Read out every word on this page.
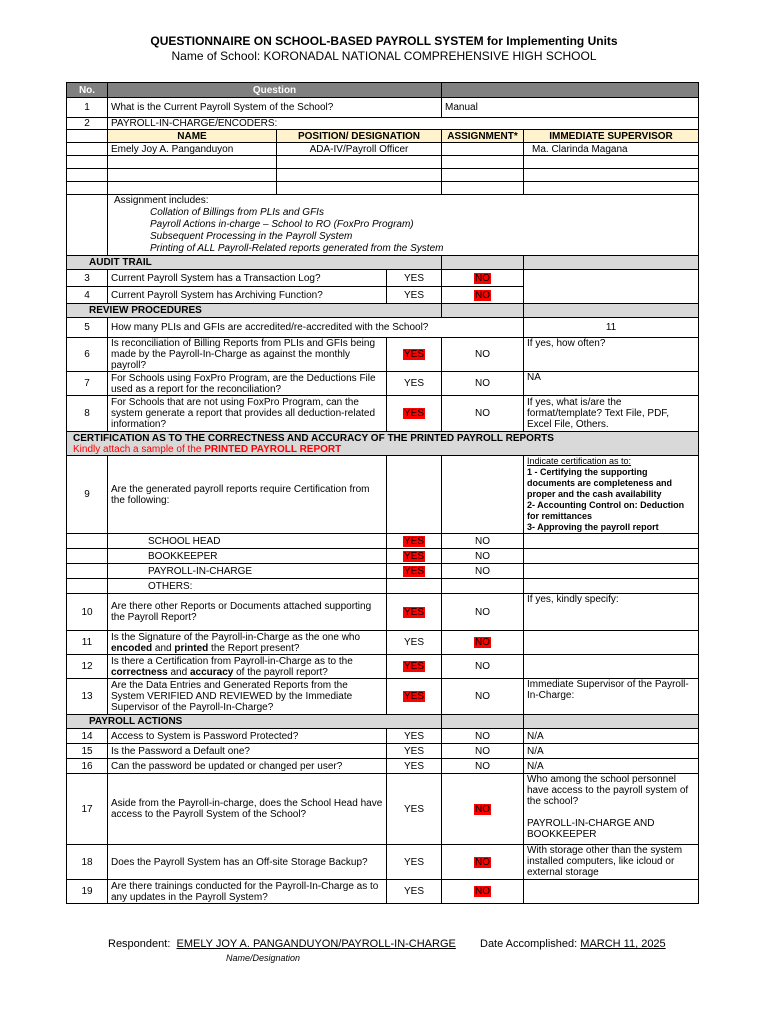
QUESTIONNAIRE ON SCHOOL-BASED PAYROLL SYSTEM for Implementing Units
Name of School: KORONADAL NATIONAL COMPREHENSIVE HIGH SCHOOL
No.	Question				
1	What is the Current Payroll System of the School?			Manual	
2	PAYROLL-IN-CHARGE/ENCODERS:				
	NAME	POSITION/ DESIGNATION		ASSIGNMENT*	IMMEDIATE SUPERVISOR
	Emely Joy A. Panganduyon	ADA-IV/Payroll Officer			Ma. Clarinda Magana

	Assignment includes:
Collation of Billings from PLIs and GFIs
Payroll Actions in-charge – School to RO (FoxPro Program)
Subsequent Processing in the Payroll System
Printing of ALL Payroll-Related reports generated from the System				

AUDIT TRAIL					
3	Current Payroll System has a Transaction Log?		YES	NO	
4	Current Payroll System has Archiving Function?		YES	NO	
REVIEW PROCEDURES					
5	How many PLIs and GFIs are accredited/re-accredited with the School?				11
6	Is reconciliation of Billing Reports from PLIs and GFIs being made by the Payroll-In-Charge as against the monthly payroll?		YES	NO	If yes, how often?
7	For Schools using FoxPro Program, are the Deductions File used as a report for the reconciliation?		YES	NO	NA
8	For Schools that are not using FoxPro Program, can the system generate a report that provides all deduction-related information?		YES	NO	If yes, what is/are the format/template? Text File, PDF, Excel File, Others.

CERTIFICATION AS TO THE CORRECTNESS AND ACCURACY OF THE PRINTED PAYROLL REPORTS
Kindly attach a sample of the PRINTED PAYROLL REPORT					

9	Are the generated payroll reports require Certification from the following:				Indicate certification as to:
1 - Certifying the supporting documents are completeness and proper and the cash availability
2- Accounting Control on: Deduction for remittances
3- Approving the payroll report

	SCHOOL HEAD		YES	NO	
	BOOKKEEPER		YES	NO	
	PAYROLL-IN-CHARGE		YES	NO	
	OTHERS:				
10	Are there other Reports or Documents attached supporting the Payroll Report?		YES	NO	If yes, kindly specify:
11	Is the Signature of the Payroll-in-Charge as the one who encoded and printed the Report present?		YES	NO	
12	Is there a Certification from Payroll-in-Charge as to the correctness and accuracy of the payroll report?		YES	NO	
13	Are the Data Entries and Generated Reports from the System VERIFIED AND REVIEWED by the Immediate Supervisor of the Payroll-In-Charge?		YES	NO	Immediate Supervisor of the Payroll-In-Charge:
PAYROLL ACTIONS					
14	Access to System is Password Protected?		YES	NO	N/A
15	Is the Password a Default one?		YES	NO	N/A
16	Can the password be updated or changed per user?		YES	NO	N/A
17	Aside from the Payroll-in-charge, does the School Head have access to the Payroll System of the School?		YES	NO	Who among the school personnel have access to the payroll system of the school?
PAYROLL-IN-CHARGE AND BOOKKEEPER

18	Does the Payroll System has an Off-site Storage Backup?		YES	NO	With storage other than the system installed computers, like icloud or external storage
19	Are there trainings conducted for the Payroll-In-Charge as to any updates in the Payroll System?		YES	NO	
Respondent: EMELY JOY A. PANGANDUYON/PAYROLL-IN-CHARGE
Name/Designation
Date Accomplished: MARCH 11, 2025
